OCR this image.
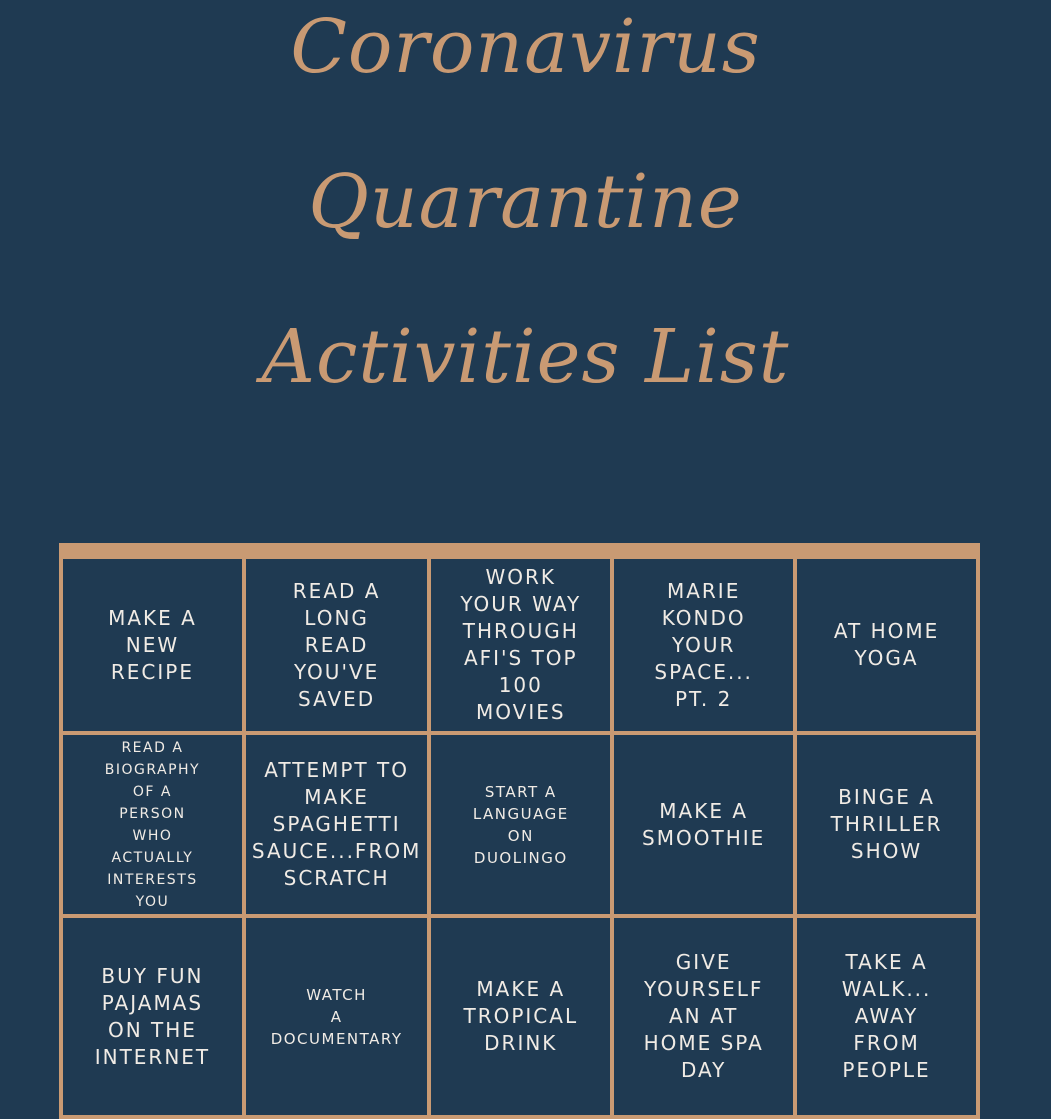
Coronavirus
Quarantine
Activities List
MAKE A
NEW
RECIPE
READ A
LONG
READ
YOU'VE
SAVED
WORK
YOUR WAY
THROUGH
AFI'S TOP
100
MOVIES
MARIE
KONDO
YOUR
SPACE...
PT. 2
AT HOME
YOGA
READ A
BIOGRAPHY
OF A
PERSON
WHO
ACTUALLY
INTERESTS
YOU
ATTEMPT TO
MAKE
SPAGHETTI
SAUCE...FROM
SCRATCH
START A
LANGUAGE
ON
DUOLINGO
MAKE A
SMOOTHIE
BINGE A
THRILLER
SHOW
BUY FUN
PAJAMAS
ON THE
INTERNET
WATCH
A
DOCUMENTARY
MAKE A
TROPICAL
DRINK
GIVE
YOURSELF
AN AT
HOME SPA
DAY
TAKE A
WALK...
AWAY
FROM
PEOPLE
